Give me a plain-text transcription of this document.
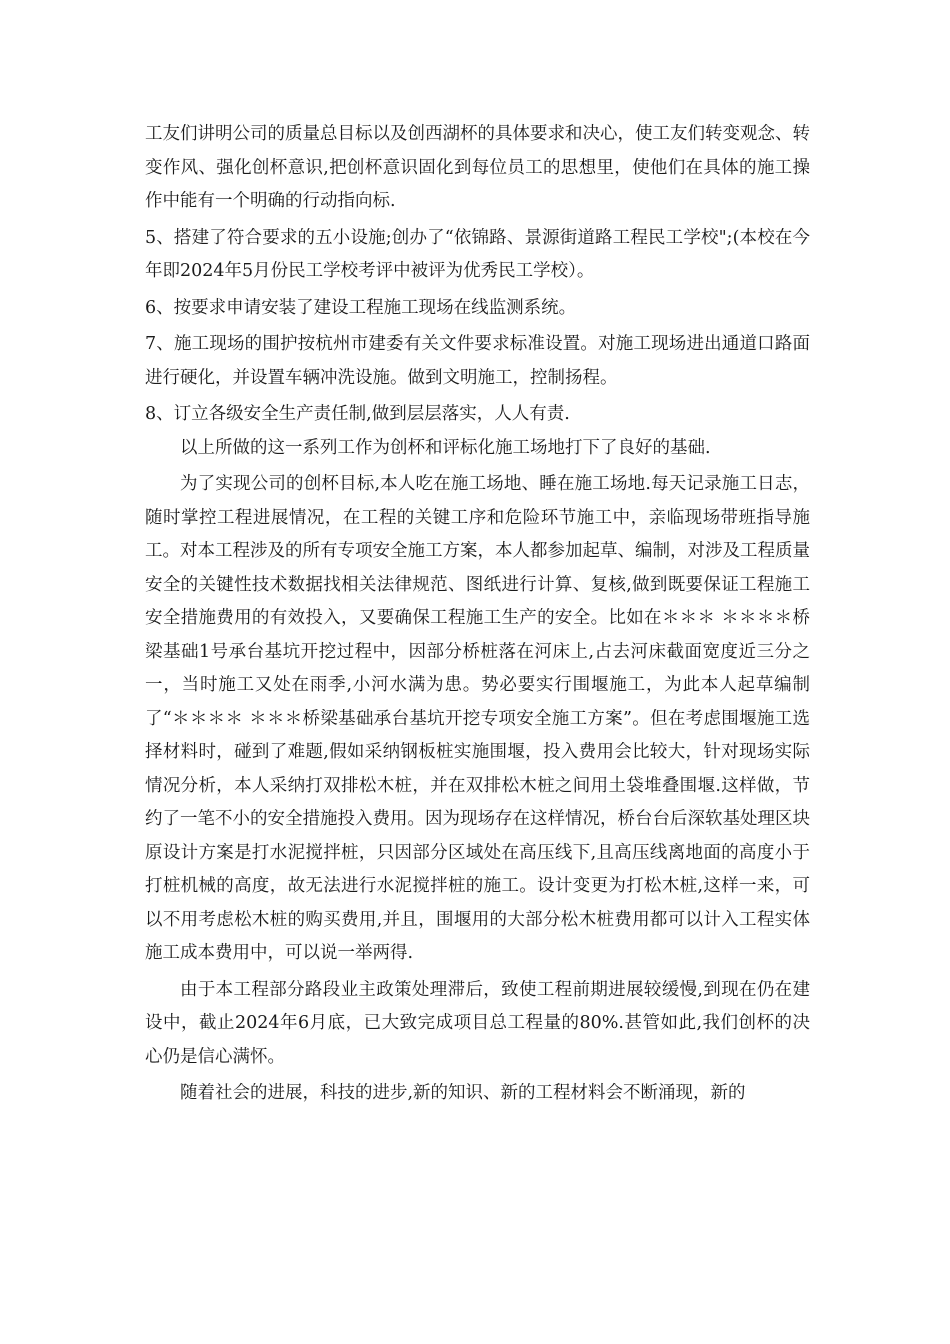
工友们讲明公司的质量总目标以及创西湖杯的具体要求和决心，使工友们转变观念、转变作风、强化创杯意识,把创杯意识固化到每位员工的思想里，使他们在具体的施工操作中能有一个明确的行动指向标.

5、搭建了符合要求的五小设施;创办了“依锦路、景源街道路工程民工学校";(本校在今年即2024年5月份民工学校考评中被评为优秀民工学校）。

6、按要求申请安装了建设工程施工现场在线监测系统。

7、施工现场的围护按杭州市建委有关文件要求标准设置。对施工现场进出通道口路面进行硬化，并设置车辆冲洗设施。做到文明施工，控制扬程。

8、订立各级安全生产责任制,做到层层落实，人人有责.

以上所做的这一系列工作为创杯和评标化施工场地打下了良好的基础.

为了实现公司的创杯目标,本人吃在施工场地、睡在施工场地.每天记录施工日志，随时掌控工程进展情况，在工程的关键工序和危险环节施工中，亲临现场带班指导施工。对本工程涉及的所有专项安全施工方案，本人都参加起草、编制，对涉及工程质量安全的关键性技术数据找相关法律规范、图纸进行计算、复核,做到既要保证工程施工安全措施费用的有效投入，又要确保工程施工生产的安全。比如在＊＊＊ ＊＊＊＊桥梁基础1号承台基坑开挖过程中，因部分桥桩落在河床上,占去河床截面宽度近三分之一，当时施工又处在雨季,小河水满为患。势必要实行围堰施工，为此本人起草编制了“＊＊＊＊ ＊＊＊桥梁基础承台基坑开挖专项安全施工方案”。但在考虑围堰施工选择材料时，碰到了难题,假如采纳钢板桩实施围堰，投入费用会比较大，针对现场实际情况分析，本人采纳打双排松木桩，并在双排松木桩之间用土袋堆叠围堰.这样做，节约了一笔不小的安全措施投入费用。因为现场存在这样情况，桥台台后深软基处理区块原设计方案是打水泥搅拌桩，只因部分区域处在高压线下,且高压线离地面的高度小于打桩机械的高度，故无法进行水泥搅拌桩的施工。设计变更为打松木桩,这样一来，可以不用考虑松木桩的购买费用,并且，围堰用的大部分松木桩费用都可以计入工程实体施工成本费用中，可以说一举两得.

由于本工程部分路段业主政策处理滞后，致使工程前期进展较缓慢,到现在仍在建设中，截止2024年6月底，已大致完成项目总工程量的80%.甚管如此,我们创杯的决心仍是信心满怀。

随着社会的进展，科技的进步,新的知识、新的工程材料会不断涌现，新的
